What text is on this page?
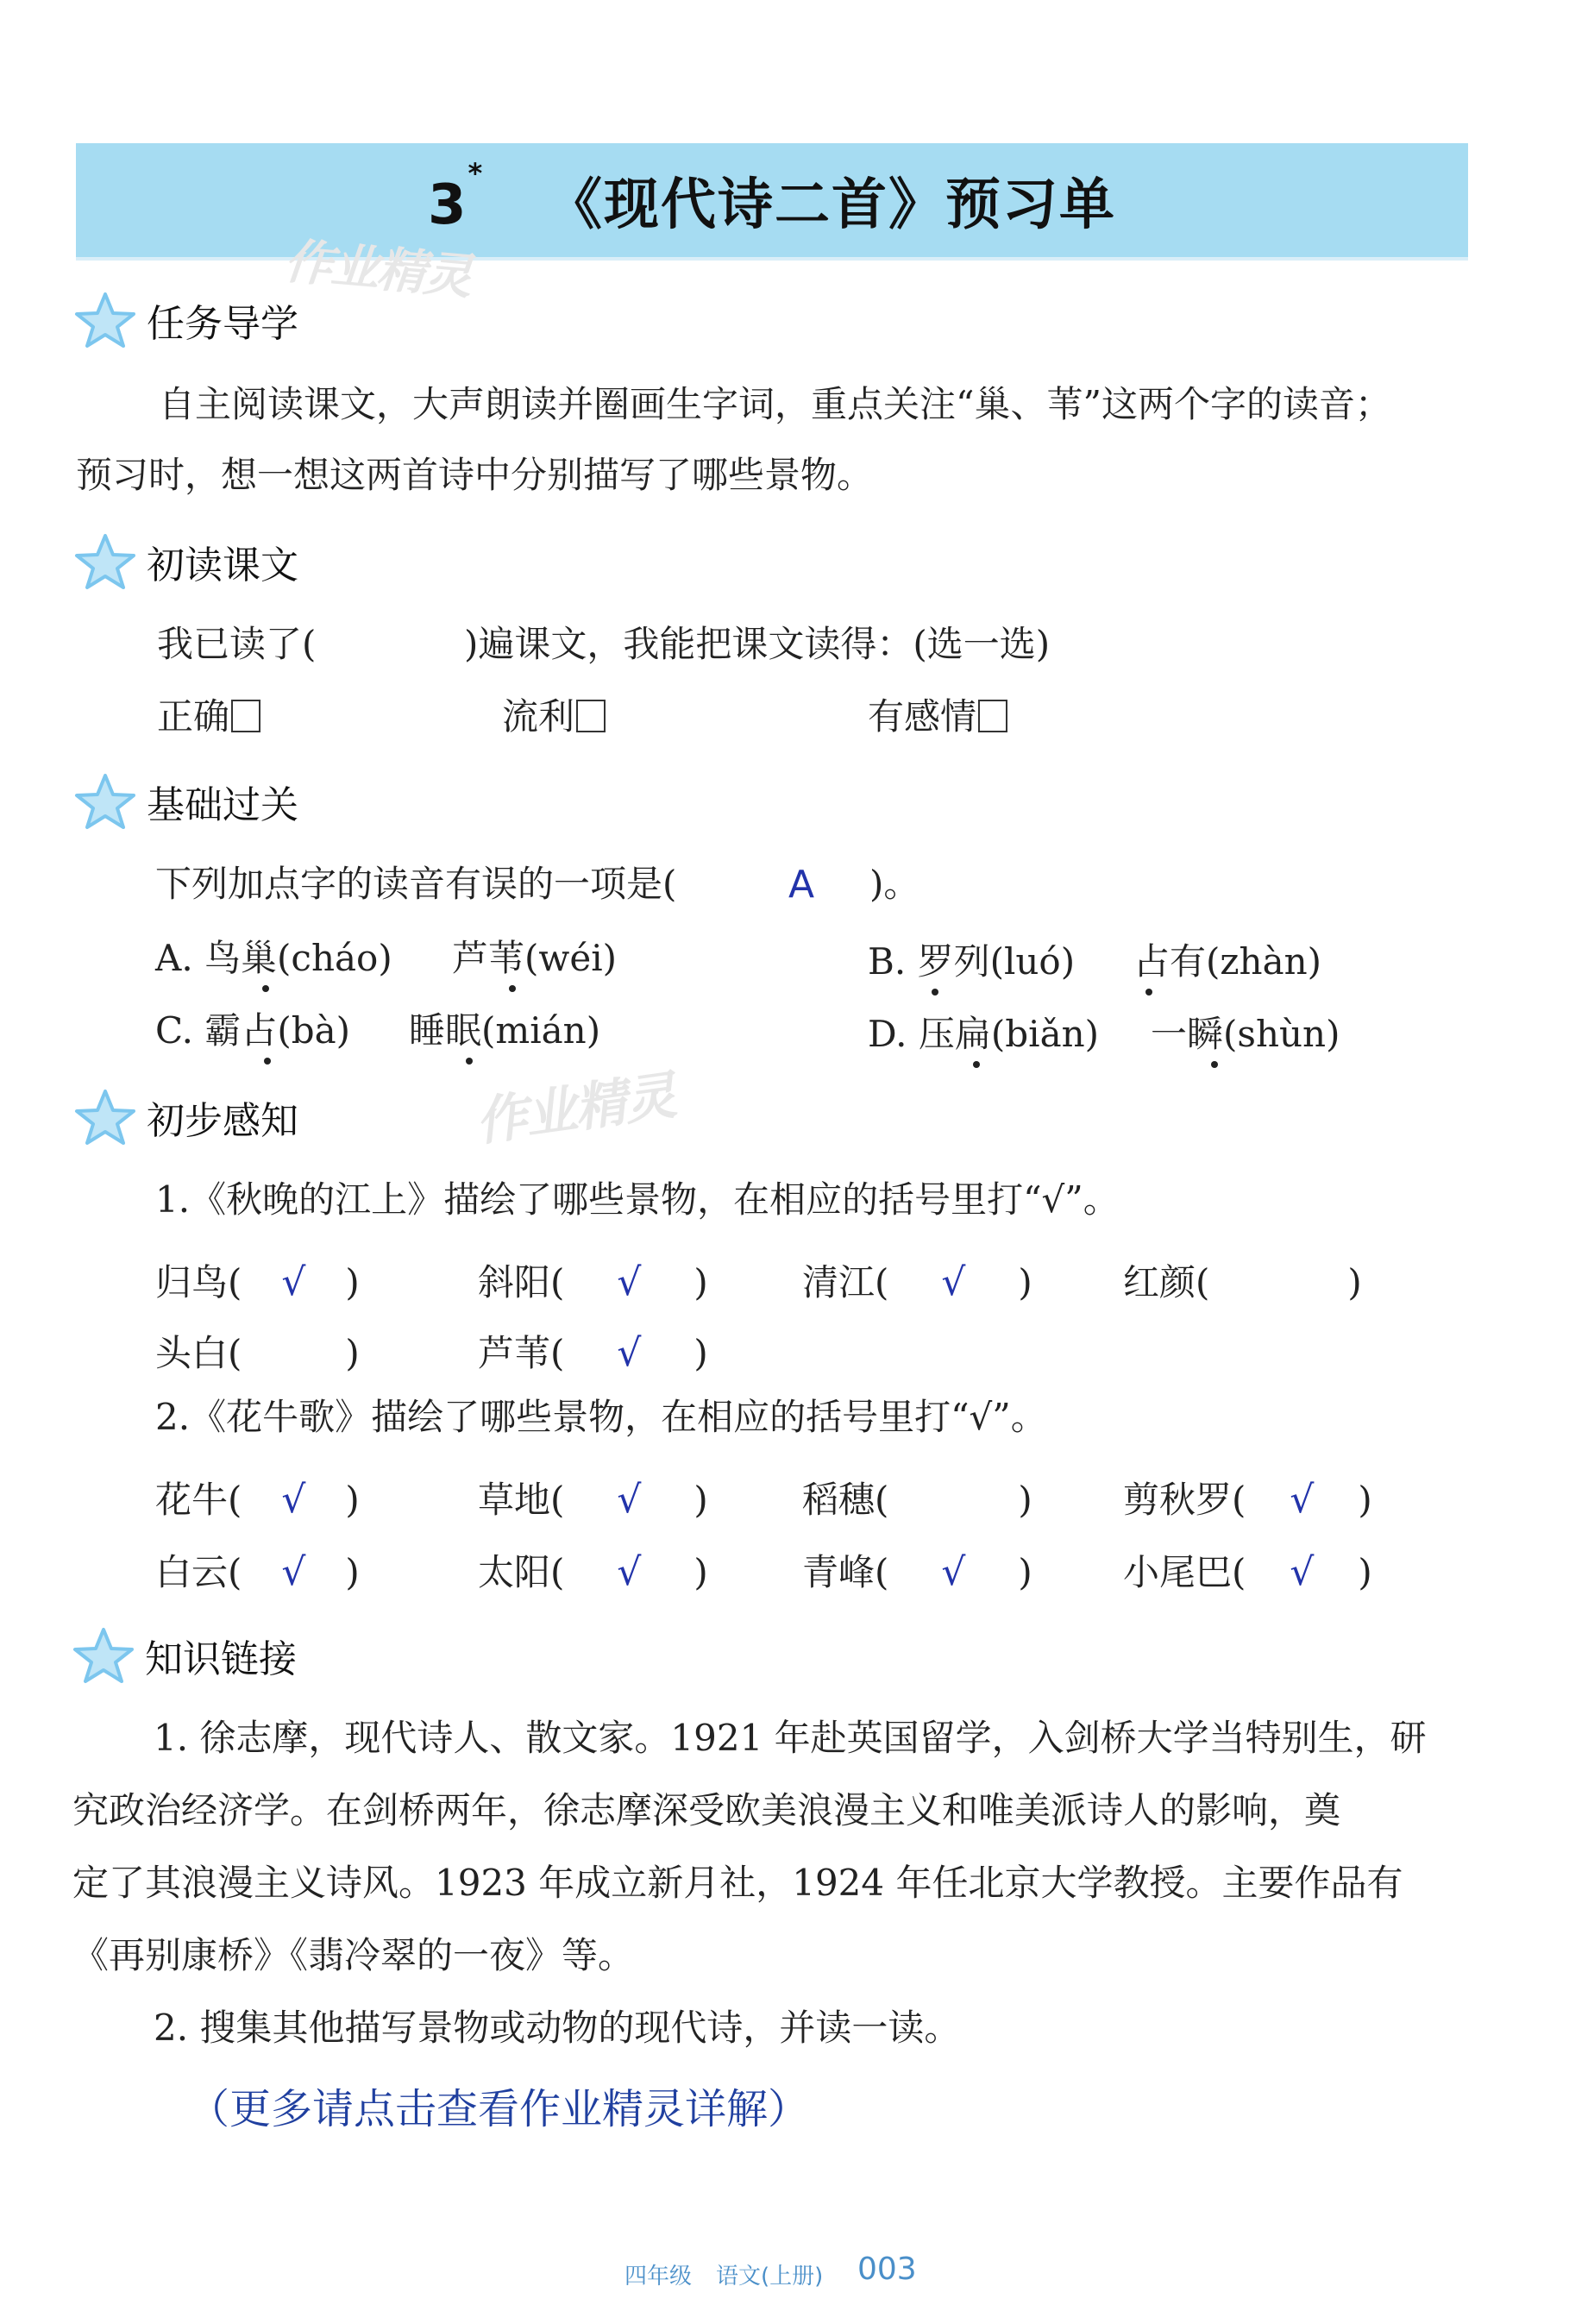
3* 《现代诗二首》预习单
作业精灵
作业精灵
任务导学
自主阅读课文，大声朗读并圈画生字词，重点关注“巢、苇”这两个字的读音；
预习时，想一想这两首诗中分别描写了哪些景物。
初读课文
我已读了(	)遍课文，我能把课文读得：(选一选)
正确	流利	有感情
基础过关
下列加点字的读音有误的一项是(	A )。
A. 鸟巢(cháo) 芦苇(wéi)	B. 罗列(luó) 占有(zhàn)
C. 霸占(bà) 睡眠(mián)	D. 压扁(biǎn) 一瞬(shùn)
初步感知
1.《秋晚的江上》描绘了哪些景物，在相应的括号里打“√”。
归鸟( √ )	斜阳( √ )	清江( √ )	红颜(	)
头白(	)	芦苇( √ )
2.《花牛歌》描绘了哪些景物，在相应的括号里打“√”。
花牛( √ )	草地( √ )	稻穗(	)	剪秋罗( √ )
白云( √ )	太阳( √ )	青峰( √ )	小尾巴( √ )
知识链接
1. 徐志摩，现代诗人、散文家。1921 年赴英国留学，入剑桥大学当特别生，研
究政治经济学。在剑桥两年，徐志摩深受欧美浪漫主义和唯美派诗人的影响，奠
定了其浪漫主义诗风。1923 年成立新月社，1924 年任北京大学教授。主要作品有
《再别康桥》《翡冷翠的一夜》等。
2. 搜集其他描写景物或动物的现代诗，并读一读。
（更多请点击查看作业精灵详解）
四年级 语文(上册) 003
